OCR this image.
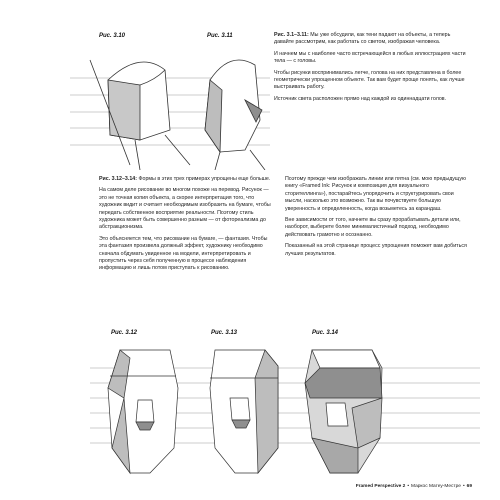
Рис. 3.10	Рис. 3.11	Рис. 3.1–3.11: Мы уже обсудили, как тени падают на объекты, а теперь давайте рассмотрим, как работать со светом, изображая человека.

И начнем мы с наиболее часто встречающейся в любых иллюстрациях части тела — с головы.

Чтобы рисунки воспринимались легче, голова на них представлена в более геометрически упрощенном объекте. Так вам будет проще понять, как лучше выстраивать работу.

Источник света расположен прямо над каждой из одиннадцати голов.

Рис. 3.12–3.14: Формы в этих трех примерах упрощены еще больше.

На самом деле рисование во многом похоже на перевод. Рисунок — это не точная копия объекта, а скорее интерпретация того, что художник видит и считает необходимым изобразить на бумаге, чтобы передать собственное восприятие реальности. Поэтому стиль художника может быть совершенно разным — от фотореализма до абстракционизма.

Это объясняется тем, что рисование на бумаге, — фантазия. Чтобы эта фантазия произвела должный эффект, художнику необходимо сначала обдумать увиденное на модели, интерпретировать и пропустить через себя полученную в процессе наблюдения информацию и лишь потом приступать к рисованию.

Поэтому прежде чем изображать линии или пятна (см. мою предыдущую книгу «Framed Ink: Рисунок и композиция для визуального сторителлинга»), постарайтесь упорядочить и структурировать свои мысли, насколько это возможно. Так вы почувствуете большую уверенность и определенность, когда возьметесь за карандаш.

Вне зависимости от того, начнете вы сразу прорабатывать детали или, наоборот, выберете более минималистичный подход, необходимо действовать грамотно и осознанно.

Показанный на этой странице процесс упрощения поможет вам добиться лучших результатов.

Рис. 3.12	Рис. 3.13	Рис. 3.14
Framed Perspective 2 • Маркос Матеу-Местре • 69
